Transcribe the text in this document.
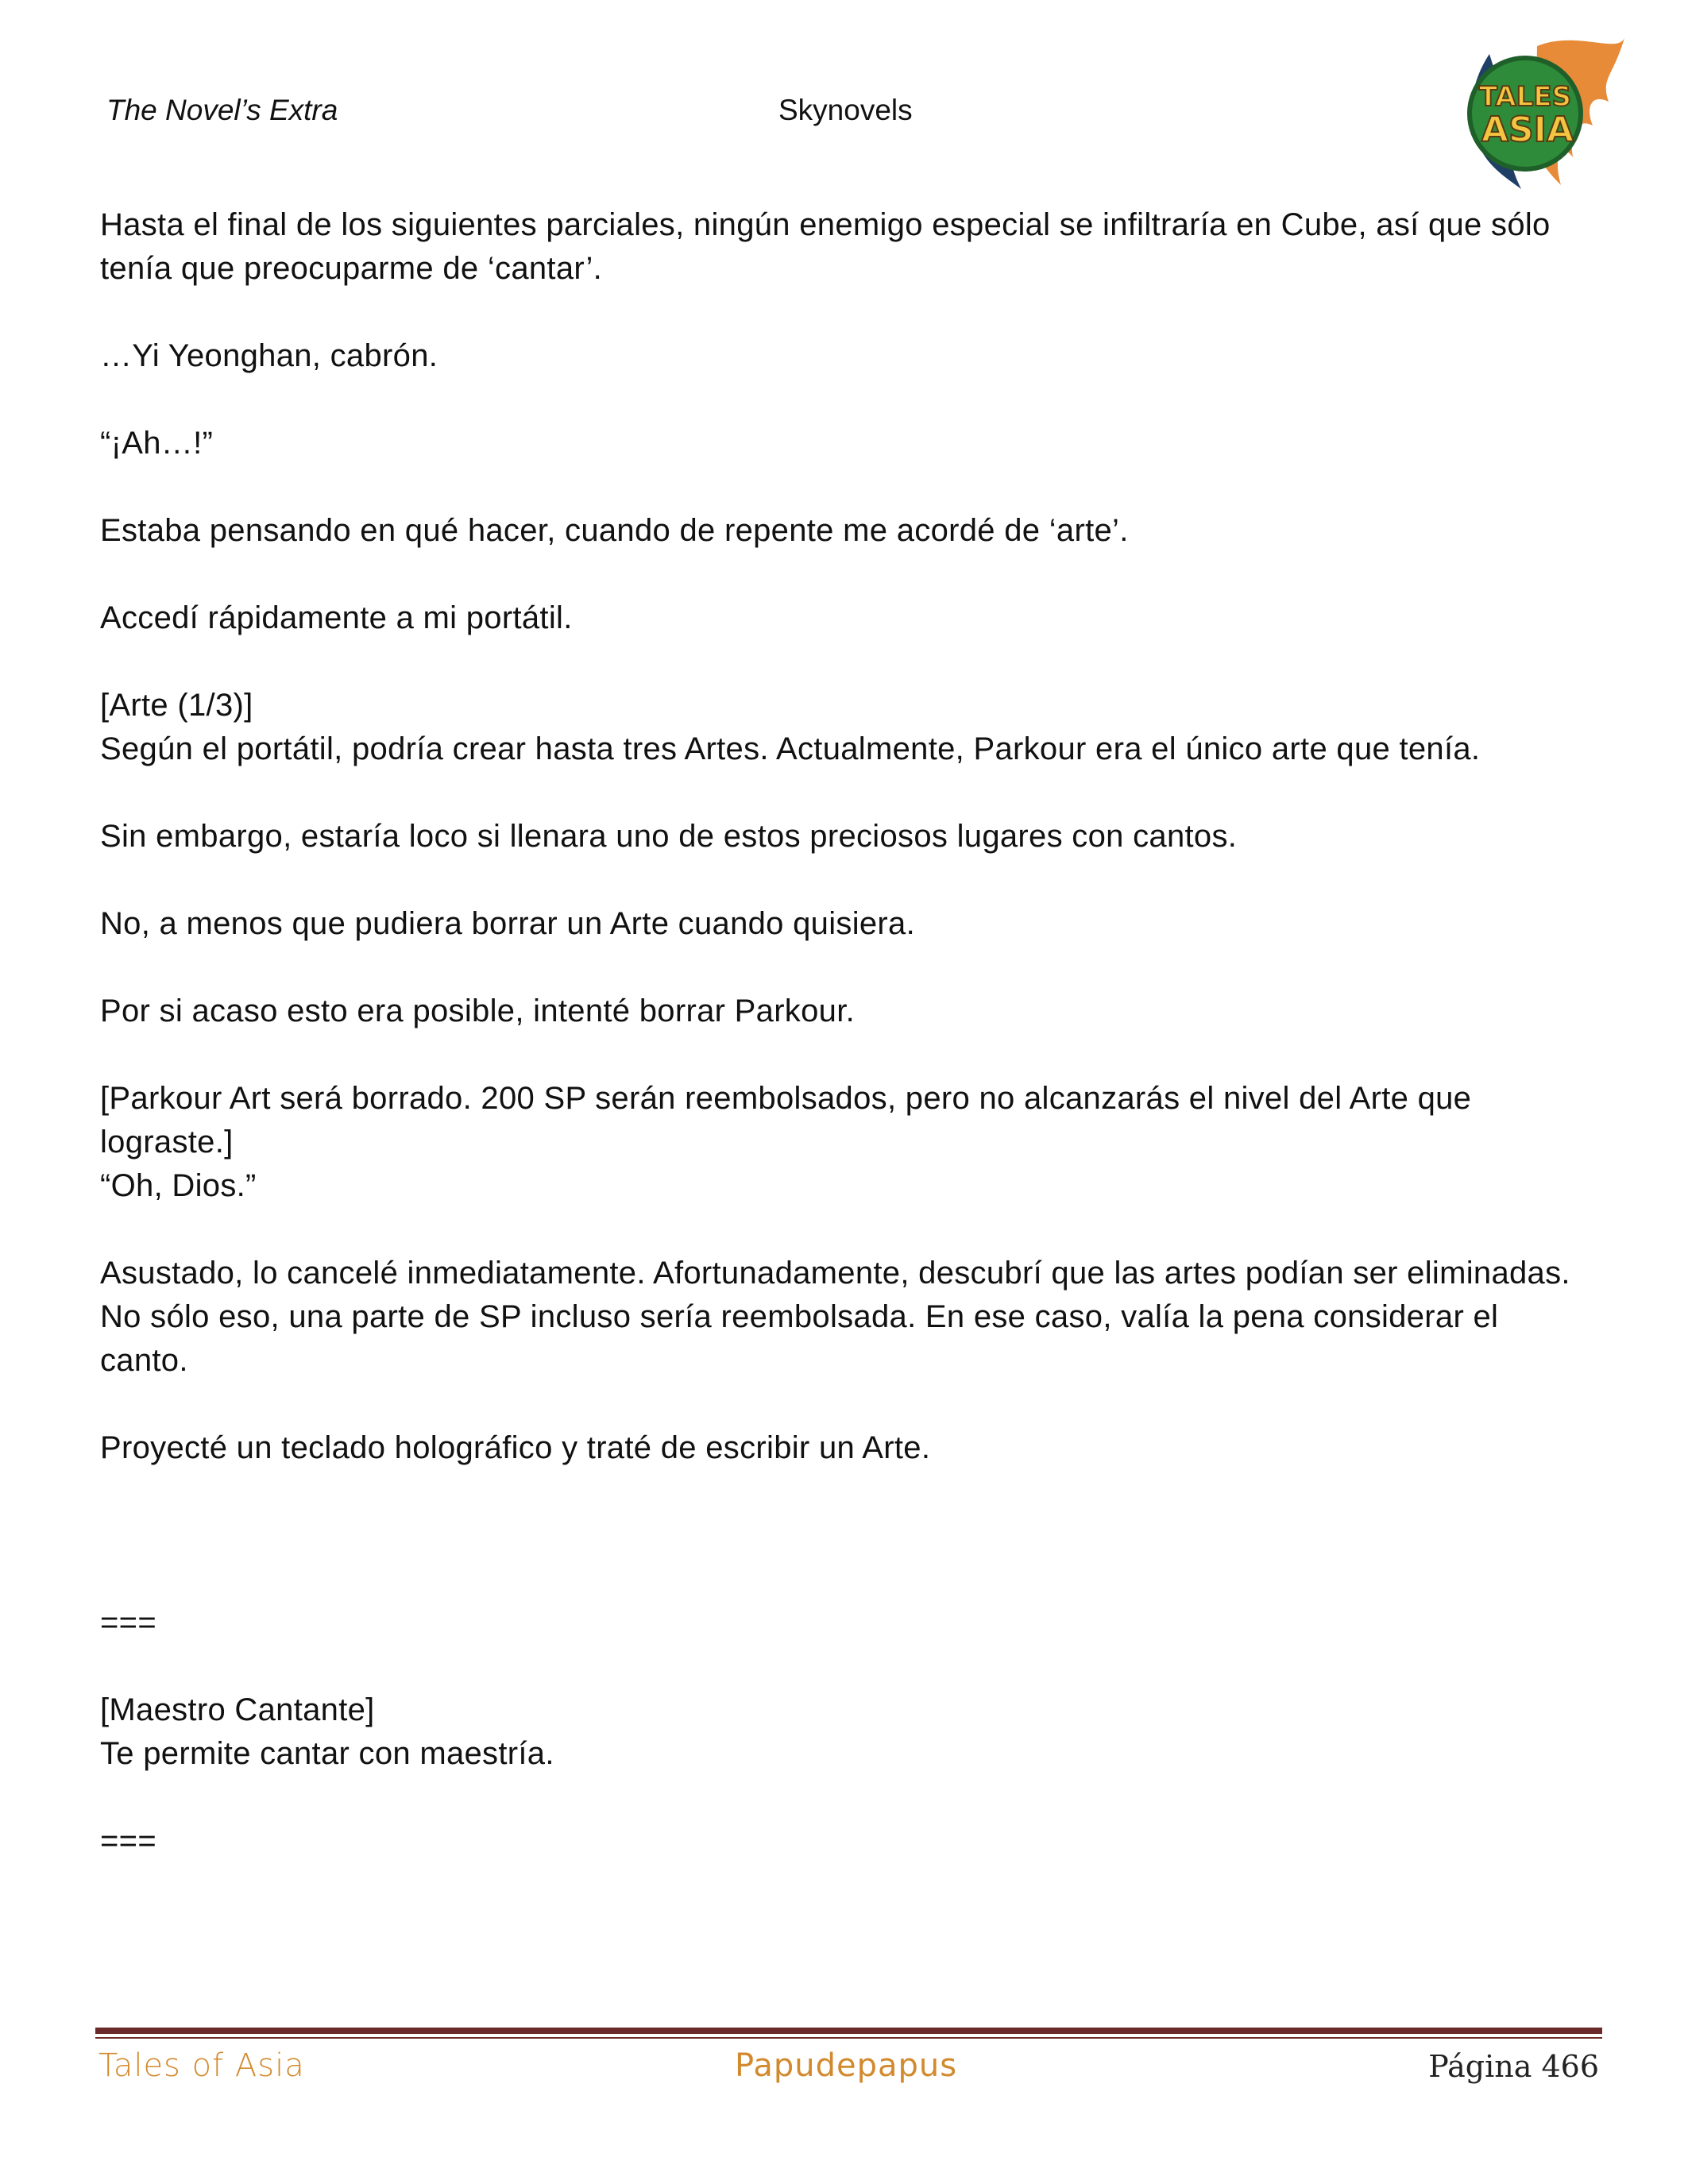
The Novel’s Extra	Skynovels	TALES
ASIA

Hasta el final de los siguientes parciales, ningún enemigo especial se infiltraría en Cube, así que sólo tenía que preocuparme de ‘cantar’.

…Yi Yeonghan, cabrón.

“¡Ah…!”

Estaba pensando en qué hacer, cuando de repente me acordé de ‘arte’.

Accedí rápidamente a mi portátil.

[Arte (1/3)]

Según el portátil, podría crear hasta tres Artes. Actualmente, Parkour era el único arte que tenía.

Sin embargo, estaría loco si llenara uno de estos preciosos lugares con cantos.

No, a menos que pudiera borrar un Arte cuando quisiera.

Por si acaso esto era posible, intenté borrar Parkour.

[Parkour Art será borrado. 200 SP serán reembolsados, pero no alcanzarás el nivel del Arte que lograste.]

“Oh, Dios.”

Asustado, lo cancelé inmediatamente. Afortunadamente, descubrí que las artes podían ser eliminadas. No sólo eso, una parte de SP incluso sería reembolsada. En ese caso, valía la pena considerar el canto.

Proyecté un teclado holográfico y traté de escribir un Arte.

===

[Maestro Cantante]

Te permite cantar con maestría.

===

Tales of Asia	Papudepapus	Página 466
